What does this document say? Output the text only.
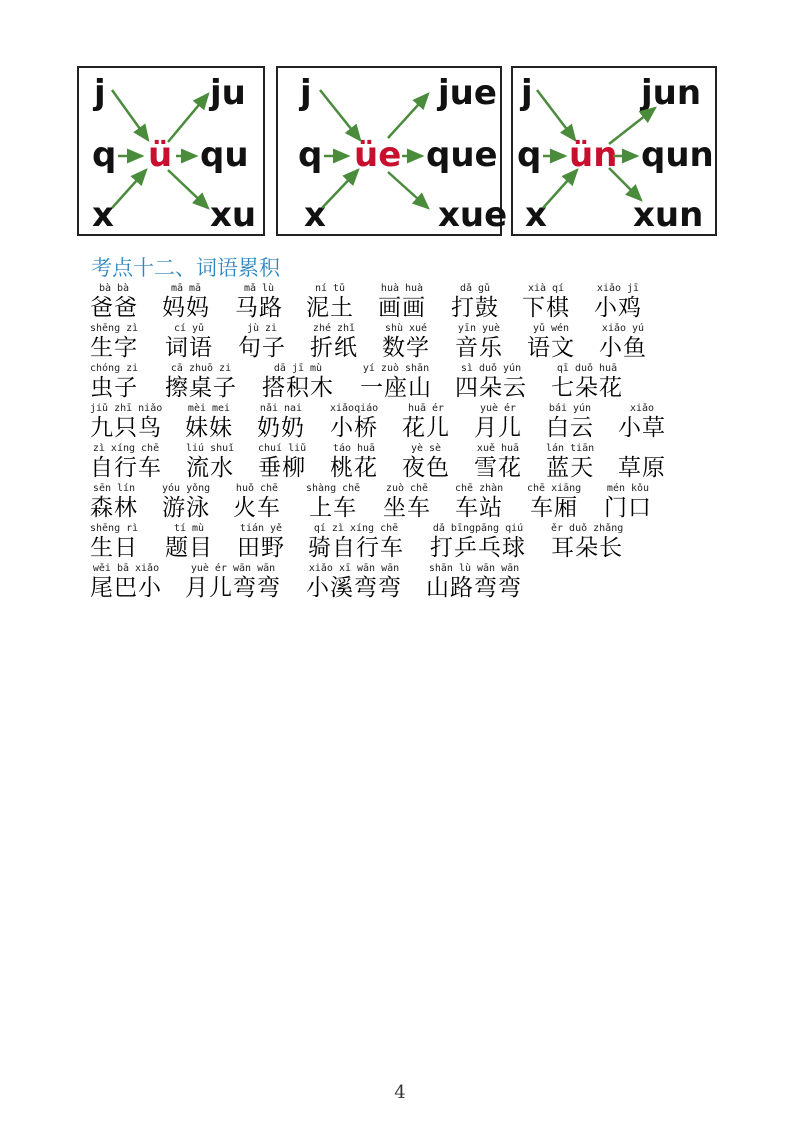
j
q
x
ü
ju
qu
xu
j
q
x
üe
jue
que
xue
j
q
x
ün
jun
qun
xun
考点十二、词语累积
bà bà
爸爸
mā mā
妈妈
mǎ lù
马路
ní tǔ
泥土
huà huà
画画
dǎ gǔ
打鼓
xià qí
下棋
xiǎo jī
小鸡
shēng zì
生字
cí yǔ
词语
jù zi
句子
zhé zhǐ
折纸
shù xué
数学
yīn yuè
音乐
yǔ wén
语文
xiǎo yú
小鱼
chóng zi
虫子
cā zhuō zi
擦桌子
dā jī mù
搭积木
yí zuò shān
一座山
sì duǒ yún
四朵云
qī duǒ huā
七朵花
jiǔ zhī niǎo
九只鸟
mèi mei
妹妹
nǎi nai
奶奶
xiǎoqiáo
小桥
huā ér
花儿
yuè ér
月儿
bái yún
白云
xiǎo
小草
zì xíng chē
自行车
liú shuǐ
流水
chuí liǔ
垂柳
táo huā
桃花
yè sè
夜色
xuě huā
雪花
lán tiān
蓝天
草原
sēn lín
森林
yóu yǒng
游泳
huǒ chē
火车
shàng chē
上车
zuò chē
坐车
chē zhàn
车站
chē xiāng
车厢
mén kǒu
门口
shēng rì
生日
tí mù
题目
tián yě
田野
qí zì xíng chē
骑自行车
dǎ bīngpāng qiú
打乒乓球
ěr duǒ zhǎng
耳朵长
wěi bā xiǎo
尾巴小
yuè ér wān wān
月儿弯弯
xiǎo xī wān wān
小溪弯弯
shān lù wān wān
山路弯弯
4
